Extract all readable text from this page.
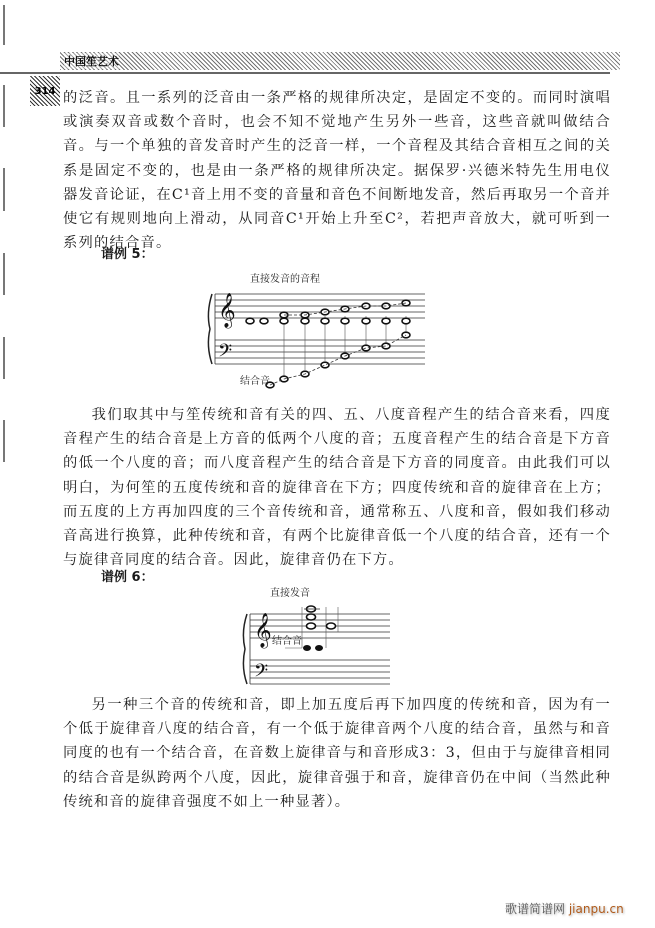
中国笙艺术
314 的泛音。且一系列的泛音由一条严格的规律所决定，是固定不变的。而同时演唱或演奏双音或数个音时，也会不知不觉地产生另外一些音，这些音就叫做结合音。与一个单独的音发音时产生的泛音一样，一个音程及其结合音相互之间的关系是固定不变的，也是由一条严格的规律所决定。据保罗·兴德米特先生用电仪器发音论证，在C¹音上用不变的音量和音色不间断地发音，然后再取另一个音并使它有规则地向上滑动，从同音C¹开始上升至C²，若把声音放大，就可听到一系列的结合音。

谱例 5：
直接发音的音程
𝄞
𝄢
结合音

我们取其中与笙传统和音有关的四、五、八度音程产生的结合音来看，四度音程产生的结合音是上方音的低两个八度的音；五度音程产生的结合音是下方音的低一个八度的音；而八度音程产生的结合音是下方音的同度音。由此我们可以明白，为何笙的五度传统和音的旋律音在下方；四度传统和音的旋律音在上方；而五度的上方再加四度的三个音传统和音，通常称五、八度和音，假如我们移动音高进行换算，此种传统和音，有两个比旋律音低一个八度的结合音，还有一个与旋律音同度的结合音。因此，旋律音仍在下方。

谱例 6：
直接发音
𝄞
𝄢
结合音

另一种三个音的传统和音，即上加五度后再下加四度的传统和音，因为有一个低于旋律音八度的结合音，有一个低于旋律音两个八度的结合音，虽然与和音同度的也有一个结合音，在音数上旋律音与和音形成3：3，但由于与旋律音相同的结合音是纵跨两个八度，因此，旋律音强于和音，旋律音仍在中间（当然此种传统和音的旋律音强度不如上一种显著）。

歌谱简谱网 jianpu.cn
